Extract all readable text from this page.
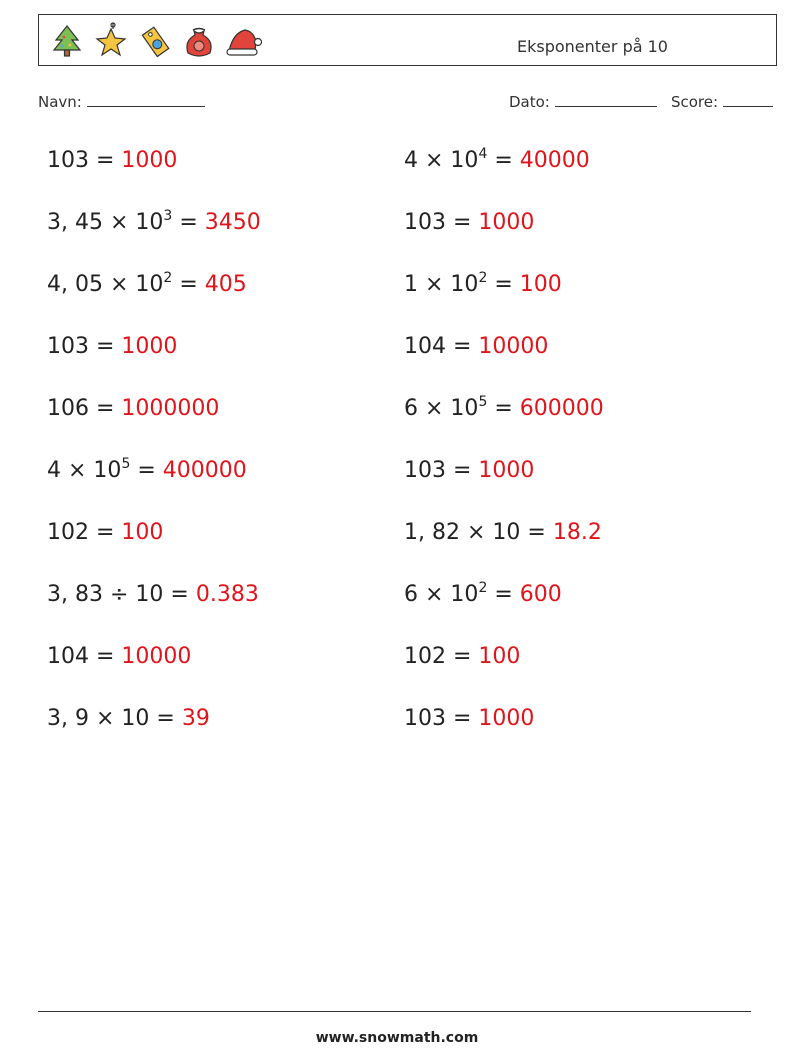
Eksponenter på 10
Navn:	Dato:	Score:
103 = 1000	$4 \times 10^4 = 40000$
3, $45 \times 10^3 = 3450$	103 = 1000
4, $05 \times 10^2 = 405$	$1 \times 10^2 = 100$
103 = 1000	104 = 10000
106 = 1000000	$6 \times 10^5 = 600000$
$4 \times 10^5 = 400000$	103 = 1000
102 = 100	1, 82 × 10 = 18.2
3, 83 ÷ 10 = 0.383	$6 \times 10^2 = 600$
104 = 10000	102 = 100
3, 9 × 10 = 39	103 = 1000
www.snowmath.com
